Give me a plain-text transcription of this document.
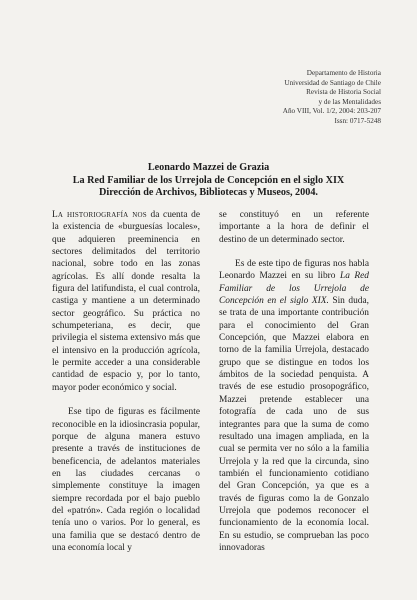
Departamento de Historia
Universidad de Santiago de Chile
Revista de Historia Social
y de las Mentalidades
Año VIII, Vol. 1/2, 2004: 203-207
Issn: 0717-5248
Leonardo Mazzei de Grazia
La Red Familiar de los Urrejola de Concepción en el siglo XIX
Dirección de Archivos, Bibliotecas y Museos, 2004.

La historiografía nos da cuenta de la existencia de «burguesías locales», que adquieren preeminencia en sectores delimitados del territorio nacional, sobre todo en las zonas agrícolas. Es allí donde resalta la figura del latifundista, el cual controla, castiga y mantiene a un determinado sector geográfico. Su práctica no schumpeteriana, es decir, que privilegia el sistema extensivo más que el intensivo en la producción agrícola, le permite acceder a una considerable cantidad de espacio y, por lo tanto, mayor poder económico y social.

Ese tipo de figuras es fácilmente reconocible en la idiosincrasia popular, porque de alguna manera estuvo presente a través de instituciones de beneficencia, de adelantos materiales en las ciudades cercanas o simplemente constituye la imagen siempre recordada por el bajo pueblo del «patrón». Cada región o localidad tenía uno o varios. Por lo general, es una familia que se destacó dentro de una economía local y

se constituyó en un referente importante a la hora de definir el destino de un determinado sector.

Es de este tipo de figuras nos habla Leonardo Mazzei en su libro La Red Familiar de los Urrejola de Concepción en el siglo XIX. Sin duda, se trata de una importante contribución para el conocimiento del Gran Concepción, que Mazzei elabora en torno de la familia Urrejola, destacado grupo que se distingue en todos los ámbitos de la sociedad penquista. A través de ese estudio prosopográfico, Mazzei pretende establecer una fotografía de cada uno de sus integrantes para que la suma de como resultado una imagen ampliada, en la cual se permita ver no sólo a la familia Urrejola y la red que la circunda, sino también el funcionamiento cotidiano del Gran Concepción, ya que es a través de figuras como la de Gonzalo Urrejola que podemos reconocer el funcionamiento de la economía local. En su estudio, se comprueban las poco innovadoras
